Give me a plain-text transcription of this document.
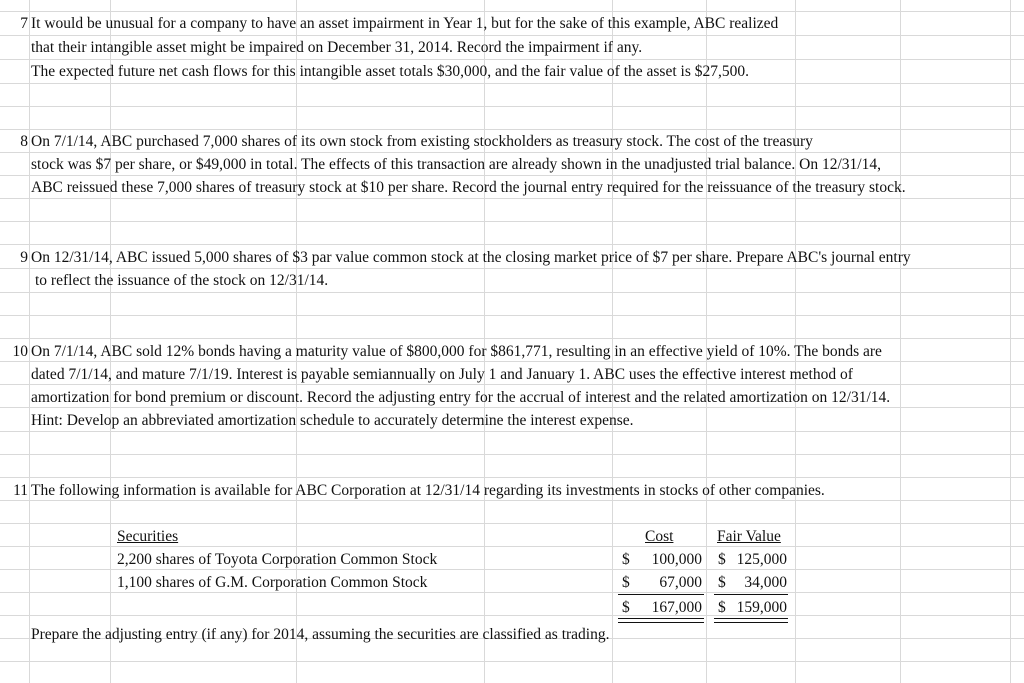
7 It would be unusual for a company to have an asset impairment in Year 1, but for the sake of this example, ABC realized
that their intangible asset might be impaired on December 31, 2014. Record the impairment if any.
The expected future net cash flows for this intangible asset totals $30,000, and the fair value of the asset is $27,500.
8 On 7/1/14, ABC purchased 7,000 shares of its own stock from existing stockholders as treasury stock. The cost of the treasury
stock was $7 per share, or $49,000 in total. The effects of this transaction are already shown in the unadjusted trial balance. On 12/31/14,
ABC reissued these 7,000 shares of treasury stock at $10 per share. Record the journal entry required for the reissuance of the treasury stock.
9 On 12/31/14, ABC issued 5,000 shares of $3 par value common stock at the closing market price of $7 per share. Prepare ABC's journal entry
to reflect the issuance of the stock on 12/31/14.
10 On 7/1/14, ABC sold 12% bonds having a maturity value of $800,000 for $861,771, resulting in an effective yield of 10%. The bonds are
dated 7/1/14, and mature 7/1/19. Interest is payable semiannually on July 1 and January 1. ABC uses the effective interest method of
amortization for bond premium or discount. Record the adjusting entry for the accrual of interest and the related amortization on 12/31/14.
Hint: Develop an abbreviated amortization schedule to accurately determine the interest expense.
11 The following information is available for ABC Corporation at 12/31/14 regarding its investments in stocks of other companies.
Securities	Cost	Fair Value
2,200 shares of Toyota Corporation Common Stock	$	100,000 $ 125,000
1,100 shares of G.M. Corporation Common Stock	$	67,000 $	34,000
$	167,000 $ 159,000
Prepare the adjusting entry (if any) for 2014, assuming the securities are classified as trading.
